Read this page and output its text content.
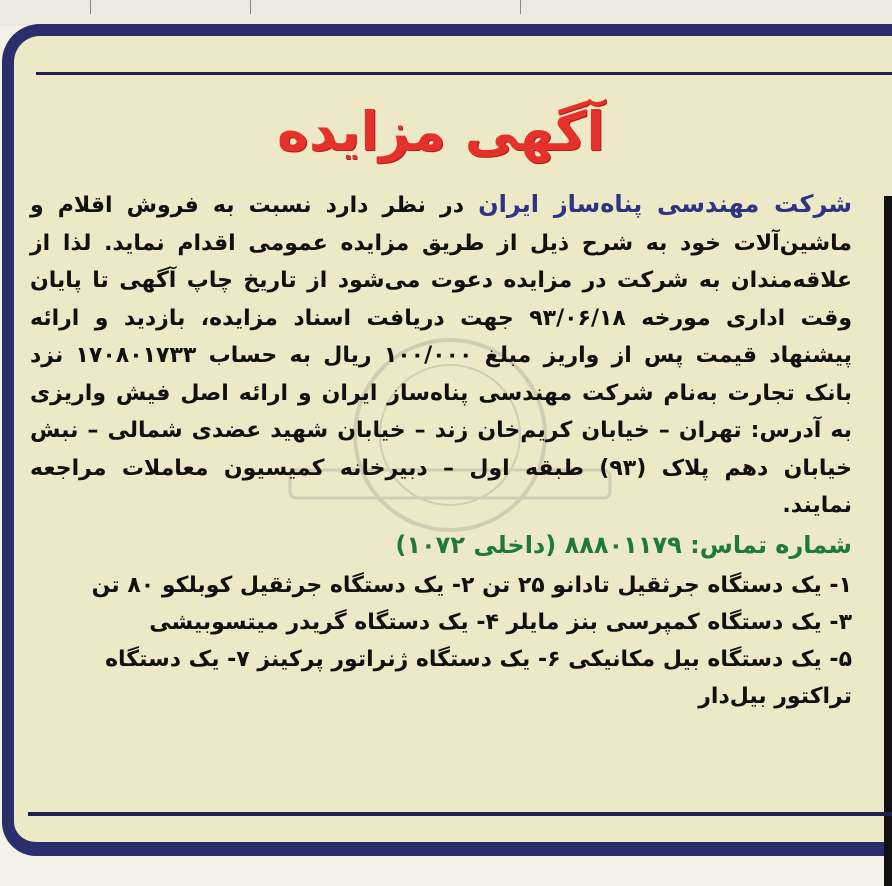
آگهی مزایده

شرکت مهندسی پناه‌ساز ایران در نظر دارد نسبت به فروش اقلام و ماشین‌آلات خود به شرح ذیل از طریق مزایده عمومی اقدام نماید. لذا از علاقه‌مندان به شرکت در مزایده دعوت می‌شود از تاریخ چاپ آگهی تا پایان وقت اداری مورخه ۹۳/۰۶/۱۸ جهت دریافت اسناد مزایده، بازدید و ارائه پیشنهاد قیمت پس از واریز مبلغ ۱۰۰/۰۰۰ ریال به حساب ۱۷۰۸۰۱۷۳۳ نزد بانک تجارت به‌نام شرکت مهندسی پناه‌ساز ایران و ارائه اصل فیش واریزی به آدرس: تهران – خیابان کریم‌خان زند – خیابان شهید عضدی شمالی – نبش خیابان دهم پلاک (۹۳) طبقه اول – دبیرخانه کمیسیون معاملات مراجعه نمایند.

شماره تماس: ۸۸۸۰۱۱۷۹ (داخلی ۱۰۷۲)

۱- یک دستگاه جرثقیل تادانو ۲۵ تن ۲- یک دستگاه جرثقیل کوبلکو ۸۰ تن
۳- یک دستگاه کمپرسی بنز مایلر ۴- یک دستگاه گریدر میتسوبیشی
۵- یک دستگاه بیل مکانیکی ۶- یک دستگاه ژنراتور پرکینز ۷- یک دستگاه
تراکتور بیل‌دار
